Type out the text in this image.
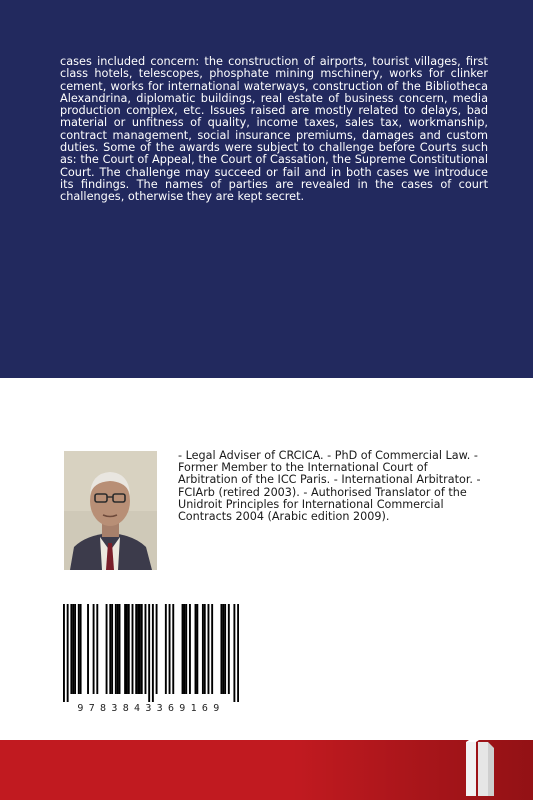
cases included concern: the construction of airports, tourist villages, first class hotels, telescopes, phosphate mining mschinery, works for clinker cement, works for international waterways, construction of the Bibliotheca Alexandrina, diplomatic buildings, real estate of business concern, media production complex, etc. Issues raised are mostly related to delays, bad material or unfitness of quality, income taxes, sales tax, workmanship, contract management, social insurance premiums, damages and custom duties. Some of the awards were subject to challenge before Courts such as: the Court of Appeal, the Court of Cassation, the Supreme Constitutional Court. The challenge may succeed or fail and in both cases we introduce its findings. The names of parties are revealed in the cases of court challenges, otherwise they are kept secret.

- Legal Adviser of CRCICA. - PhD of Commercial Law. - Former Member to the International Court of Arbitration of the ICC Paris. - International Arbitrator. - FCIArb (retired 2003). - Authorised Translator of the Unidroit Principles for International Commercial Contracts 2004 (Arabic edition 2009).

9783843369169
